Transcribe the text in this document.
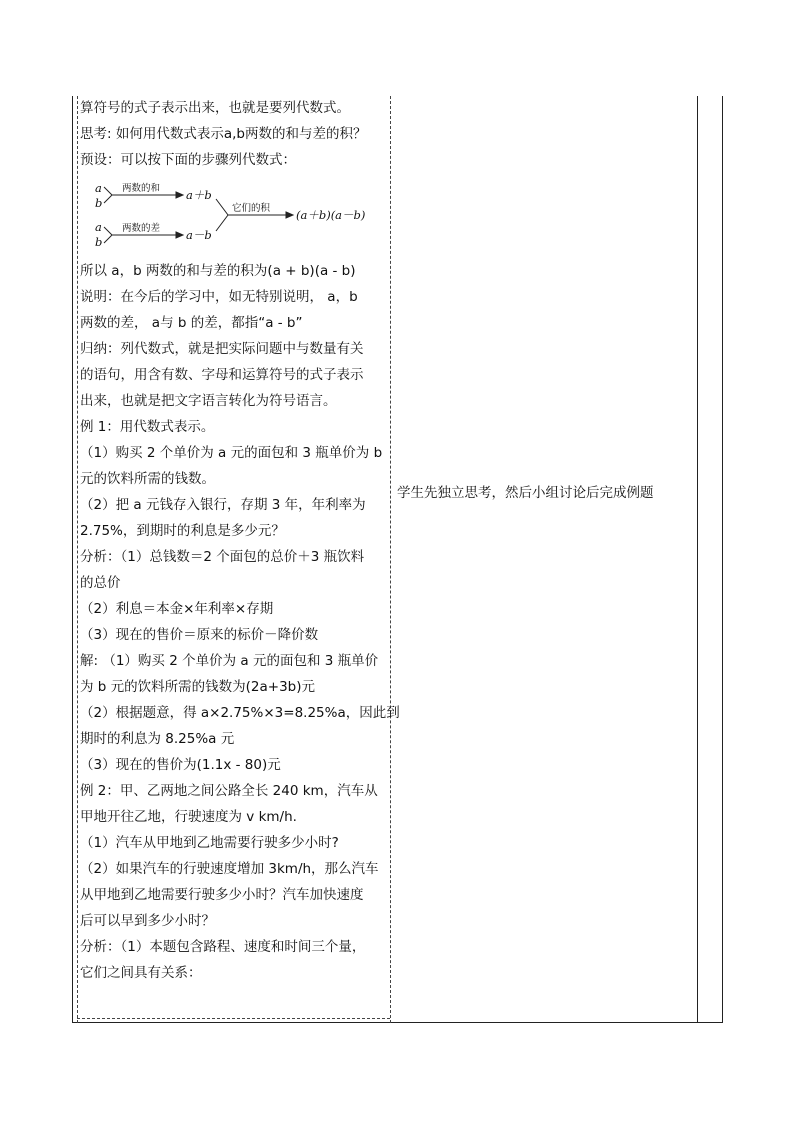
算符号的式子表示出来，也就是要列代数式。
思考: 如何用代数式表示a,b两数的和与差的积？
预设：可以按下面的步骤列代数式：
所以 a，b 两数的和与差的积为(a + b)(a - b)
说明：在今后的学习中，如无特别说明， a，b
两数的差， a与 b 的差，都指“a - b”
归纳：列代数式，就是把实际问题中与数量有关
的语句，用含有数、字母和运算符号的式子表示
出来，也就是把文字语言转化为符号语言。
例 1：用代数式表示。
（1）购买 2 个单价为 a 元的面包和 3 瓶单价为 b
元的饮料所需的钱数。
（2）把 a 元钱存入银行，存期 3 年，年利率为
2.75%，到期时的利息是多少元？
分析：（1）总钱数＝2 个面包的总价＋3 瓶饮料
的总价
（2）利息＝本金×年利率×存期
（3）现在的售价＝原来的标价－降价数
解: （1）购买 2 个单价为 a 元的面包和 3 瓶单价
为 b 元的饮料所需的钱数为(2a+3b)元
（2）根据题意，得 a×2.75%×3=8.25%a，因此到
期时的利息为 8.25%a 元
（3）现在的售价为(1.1x - 80)元
例 2：甲、乙两地之间公路全长 240 km，汽车从
甲地开往乙地，行驶速度为 v km/h.
（1）汽车从甲地到乙地需要行驶多少小时?
（2）如果汽车的行驶速度增加 3km/h，那么汽车
从甲地到乙地需要行驶多少小时？汽车加快速度
后可以早到多少小时？
分析：（1）本题包含路程、速度和时间三个量，
它们之间具有关系：
a
b
两数的和 a＋b
a
b
两数的差 a－b
它们的积 (a＋b)(a－b)
学生先独立思考，然后小组讨论后完成例题
